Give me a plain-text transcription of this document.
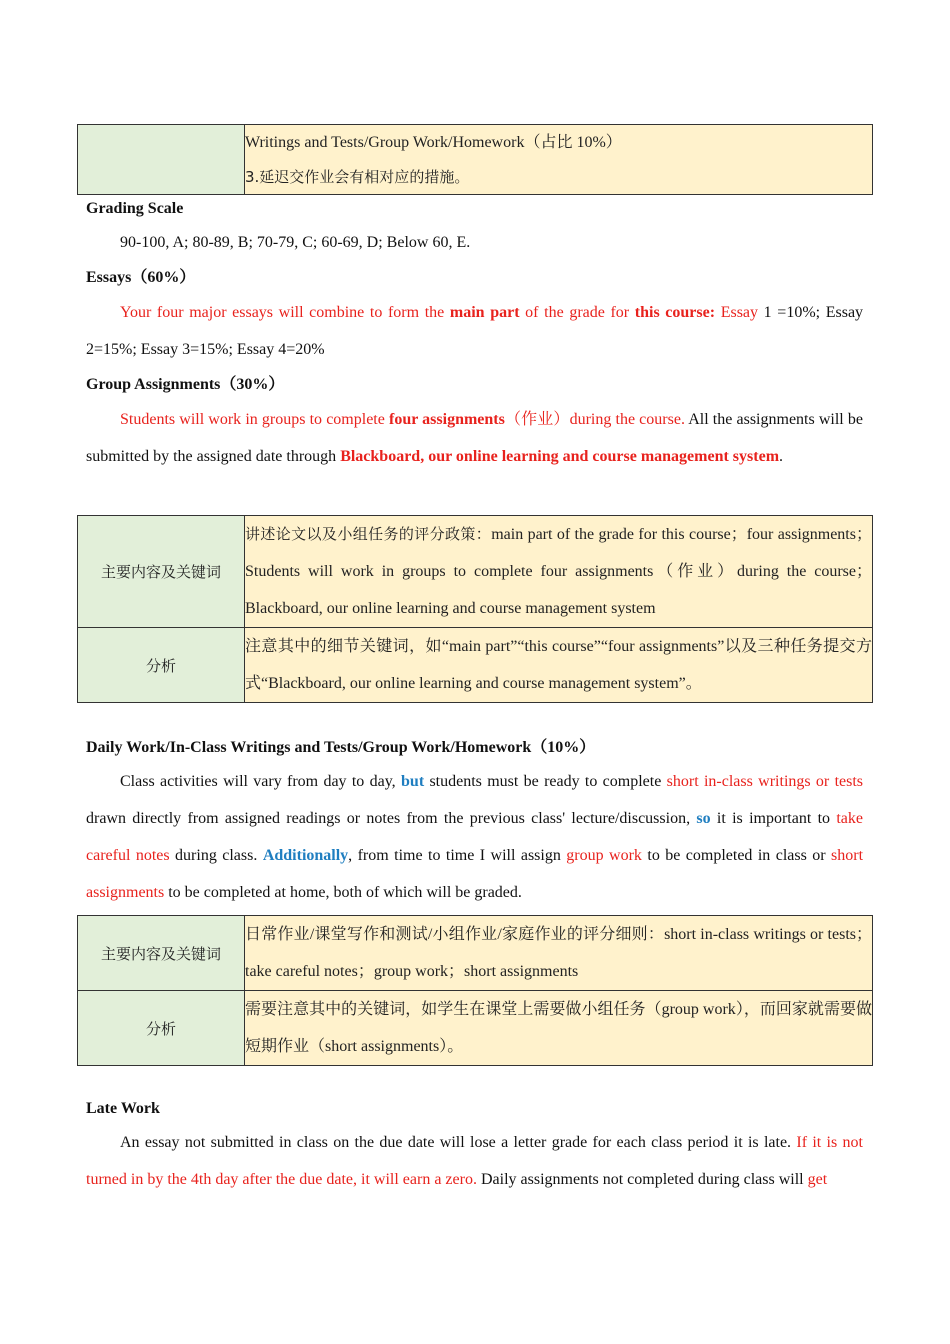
Writings and Tests/Group Work/Homework（占比 10%）
3.延迟交作业会有相对应的措施。
Grading Scale
90-100, A; 80-89, B; 70-79, C; 60-69, D; Below 60, E.
Essays（60%）
Your four major essays will combine to form the main part of the grade for this course: Essay 1 =10%; Essay 2=15%; Essay 3=15%; Essay 4=20%
Group Assignments（30%）
Students will work in groups to complete four assignments（作业）during the course. All the assignments will be submitted by the assigned date through Blackboard, our online learning and course management system.
主要内容及关键词	讲述论文以及小组任务的评分政策：main part of the grade for this course；four assignments；Students will work in groups to complete four assignments（作业）during the course；Blackboard, our online learning and course management system
分析	注意其中的细节关键词，如“main part”“this course”“four assignments”以及三种任务提交方式“Blackboard, our online learning and course management system”。
Daily Work/In-Class Writings and Tests/Group Work/Homework（10%）
Class activities will vary from day to day, but students must be ready to complete short in-class writings or tests drawn directly from assigned readings or notes from the previous class' lecture/discussion, so it is important to take careful notes during class. Additionally, from time to time I will assign group work to be completed in class or short assignments to be completed at home, both of which will be graded.
主要内容及关键词	日常作业/课堂写作和测试/小组作业/家庭作业的评分细则：short in-class writings or tests；take careful notes；group work；short assignments
分析	需要注意其中的关键词，如学生在课堂上需要做小组任务（group work），而回家就需要做短期作业（short assignments）。
Late Work
An essay not submitted in class on the due date will lose a letter grade for each class period it is late. If it is not turned in by the 4th day after the due date, it will earn a zero. Daily assignments not completed during class will get
